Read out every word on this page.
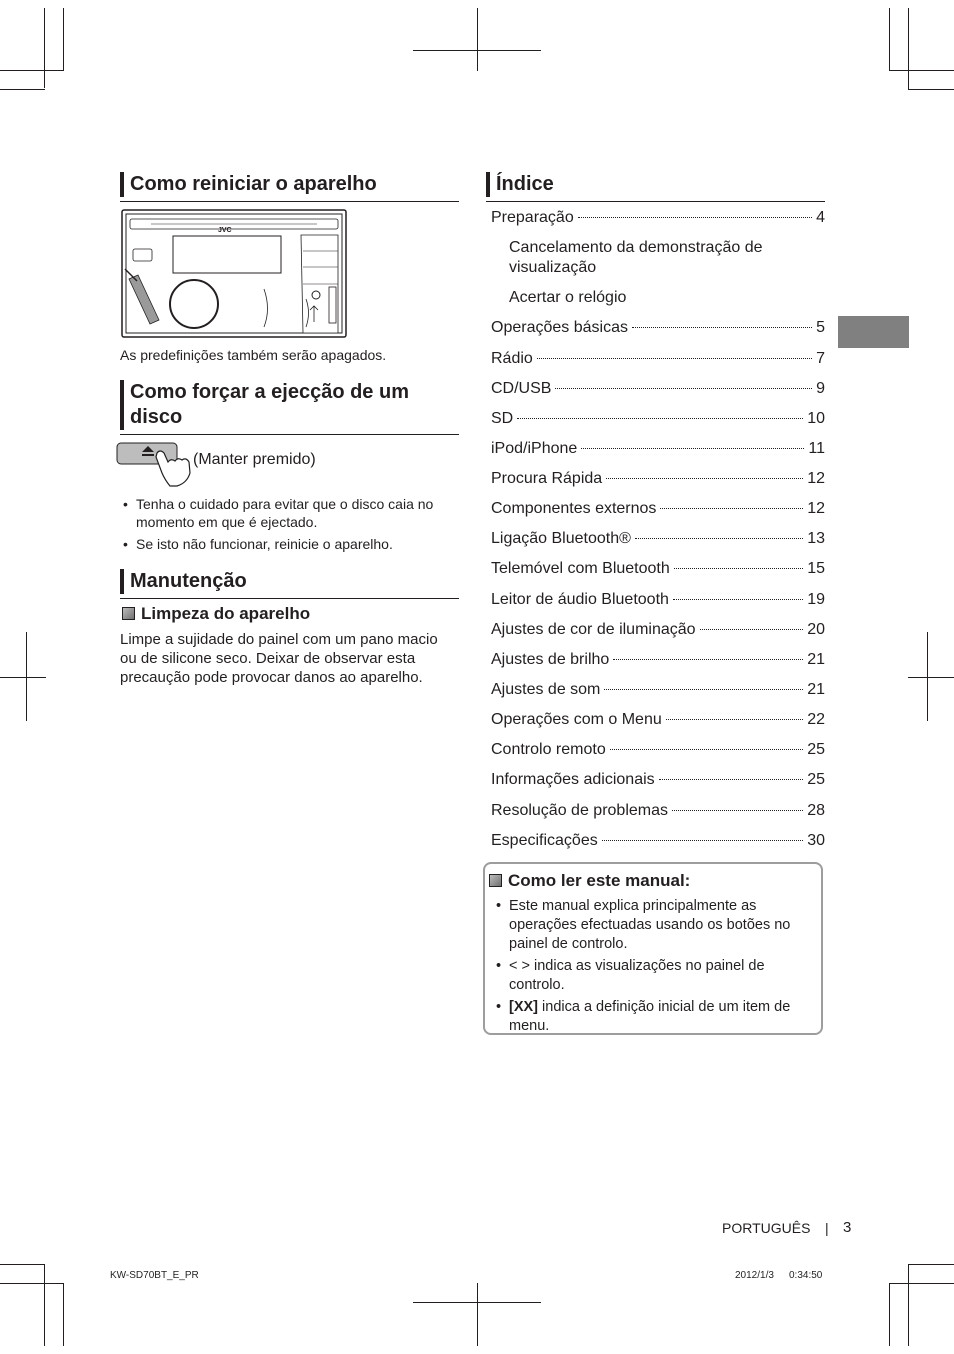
Como reiniciar o aparelho
JVC
As predefinições também serão apagados.
Como forçar a ejecção de um disco
(Manter premido)
• Tenha o cuidado para evitar que o disco caia no momento em que é ejectado.
• Se isto não funcionar, reinicie o aparelho.
Manutenção
Limpeza do aparelho
Limpe a sujidade do painel com um pano macio ou de silicone seco. Deixar de observar esta precaução pode provocar danos ao aparelho.
Índice
Preparação	4
Cancelamento da demonstração de visualização
Acertar o relógio
Operações básicas	5
Rádio	7
CD/USB	9
SD	10
iPod/iPhone	11
Procura Rápida	12
Componentes externos	12
Ligação Bluetooth®	13
Telemóvel com Bluetooth	15
Leitor de áudio Bluetooth	19
Ajustes de cor de iluminação	20
Ajustes de brilho	21
Ajustes de som	21
Operações com o Menu	22
Controlo remoto	25
Informações adicionais	25
Resolução de problemas	28
Especificações	30
Como ler este manual:
• Este manual explica principalmente as operações efectuadas usando os botões no painel de controlo.
• < > indica as visualizações no painel de controlo.
• [XX] indica a definição inicial de um item de menu.
PORTUGUÊS | 3
KW-SD70BT_E_PR	2012/1/3 0:34:50
